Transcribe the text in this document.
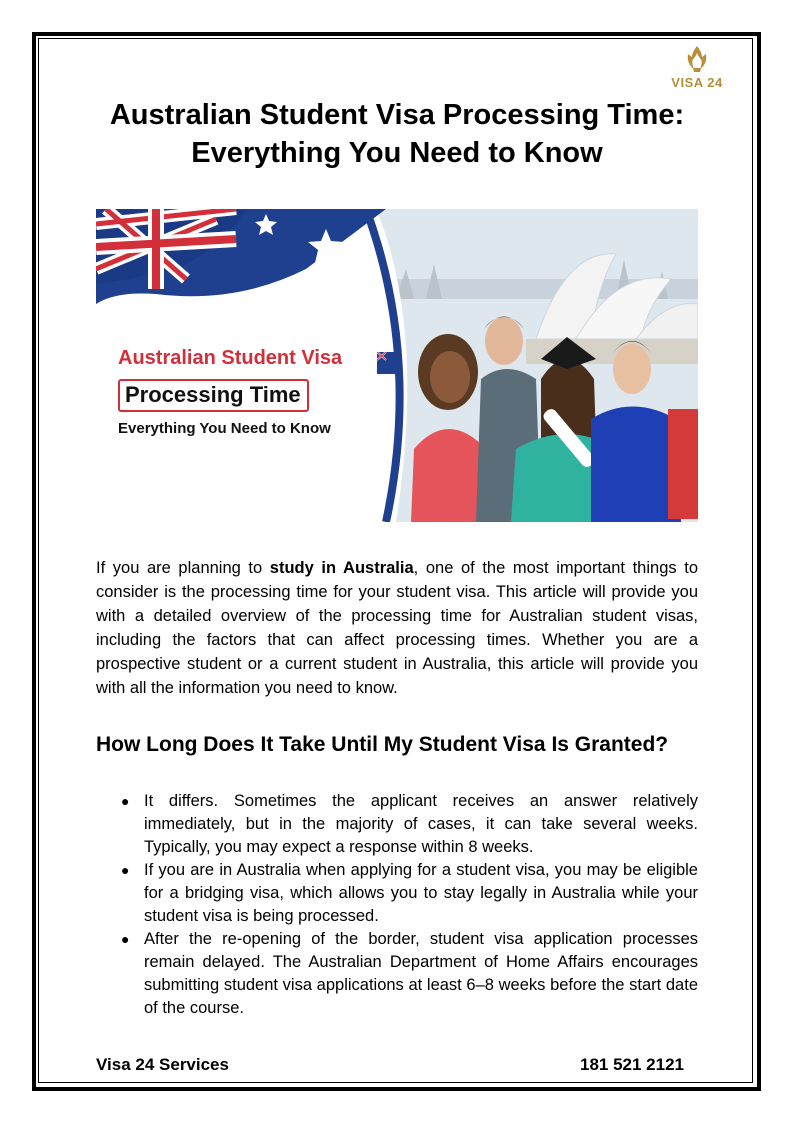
VISA 24
Australian Student Visa Processing Time: Everything You Need to Know
Australian Student Visa
Processing Time
Everything You Need to Know
If you are planning to study in Australia, one of the most important things to consider is the processing time for your student visa. This article will provide you with a detailed overview of the processing time for Australian student visas, including the factors that can affect processing times. Whether you are a prospective student or a current student in Australia, this article will provide you with all the information you need to know.
How Long Does It Take Until My Student Visa Is Granted?
● It differs. Sometimes the applicant receives an answer relatively immediately, but in the majority of cases, it can take several weeks. Typically, you may expect a response within 8 weeks.
● If you are in Australia when applying for a student visa, you may be eligible for a bridging visa, which allows you to stay legally in Australia while your student visa is being processed.
● After the re-opening of the border, student visa application processes remain delayed. The Australian Department of Home Affairs encourages submitting student visa applications at least 6–8 weeks before the start date of the course.
Visa 24 Services	181 521 2121
